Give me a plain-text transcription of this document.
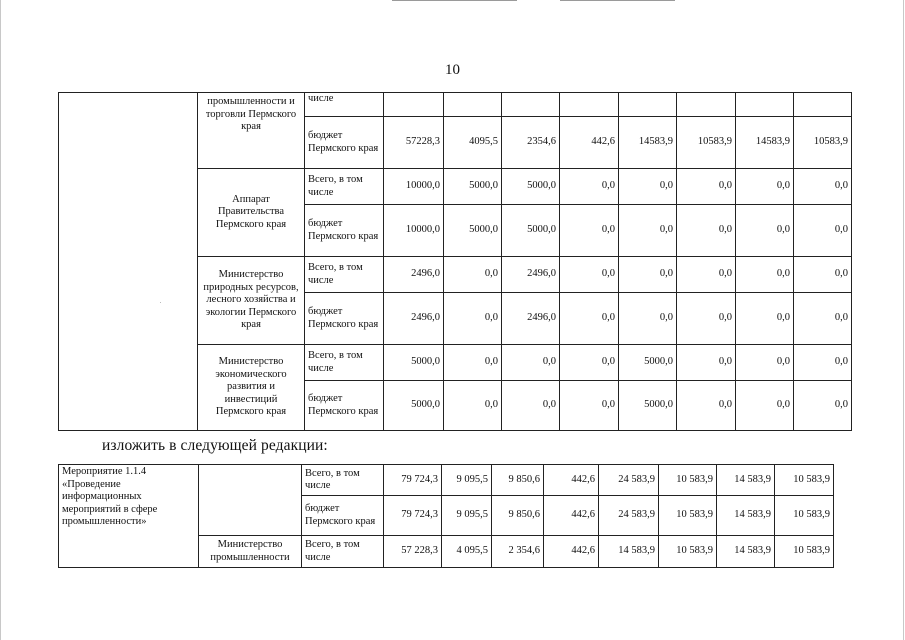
10
	промышленности и торговли Пермского края	числе								
		бюджет Пермского края	57228,3	4095,5	2354,6	442,6	14583,9	10583,9	14583,9	10583,9
	Аппарат Правительства Пермского края	Всего, в том числе	10000,0	5000,0	5000,0	0,0	0,0	0,0	0,0	0,0
		бюджет Пермского края	10000,0	5000,0	5000,0	0,0	0,0	0,0	0,0	0,0
	Министерство природных ресурсов, лесного хозяйства и экологии Пермского края	Всего, в том числе	2496,0	0,0	2496,0	0,0	0,0	0,0	0,0	0,0
		бюджет Пермского края	2496,0	0,0	2496,0	0,0	0,0	0,0	0,0	0,0
	Министерство экономического развития и инвестиций Пермского края	Всего, в том числе	5000,0	0,0	0,0	0,0	5000,0	0,0	0,0	0,0
		бюджет Пермского края	5000,0	0,0	0,0	0,0	5000,0	0,0	0,0	0,0
изложить в следующей редакции:
Мероприятие 1.1.4 «Проведение информационных мероприятий в сфере промышленности»		Всего, в том числе	79 724,3	9 095,5	9 850,6	442,6	24 583,9	10 583,9	14 583,9	10 583,9
		бюджет Пермского края	79 724,3	9 095,5	9 850,6	442,6	24 583,9	10 583,9	14 583,9	10 583,9
	Министерство промышленности	Всего, в том числе	57 228,3	4 095,5	2 354,6	442,6	14 583,9	10 583,9	14 583,9	10 583,9
